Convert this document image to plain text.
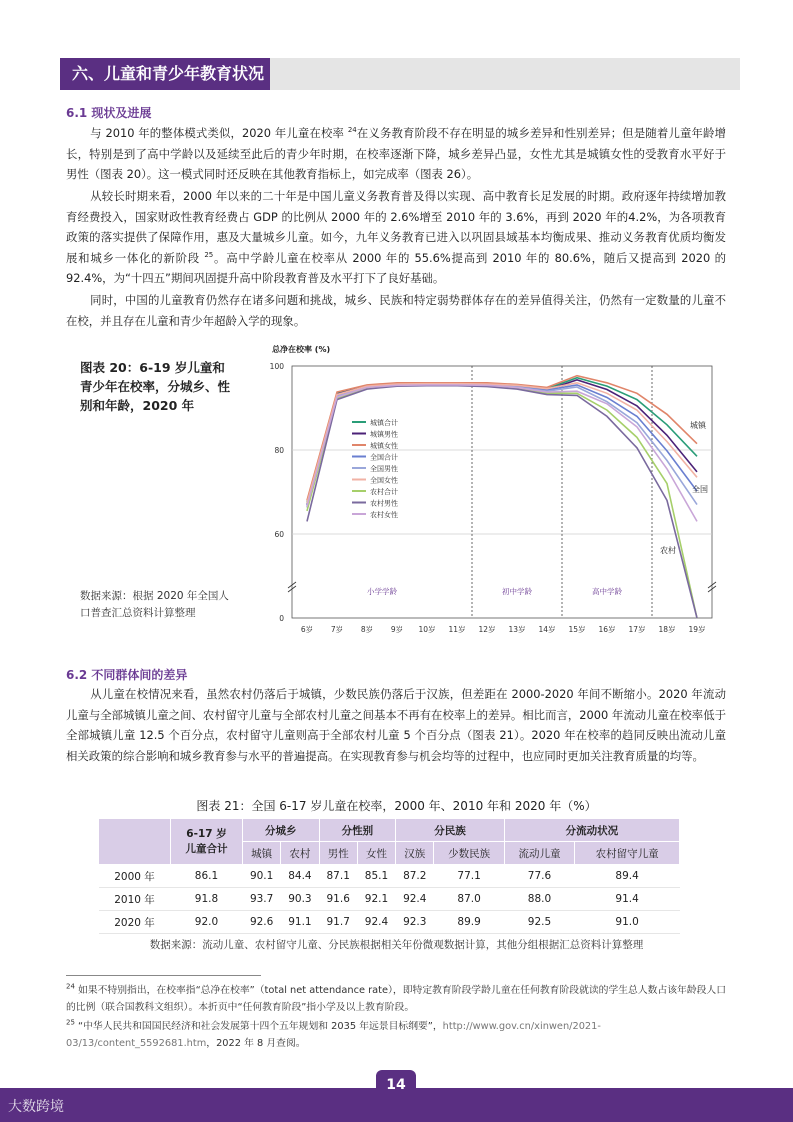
六、儿童和青少年教育状况
6.1 现状及进展
与 2010 年的整体模式类似，2020 年儿童在校率 $^{24}$在义务教育阶段不存在明显的城乡差异和性别差异；但是随着儿童年龄增长，特别是到了高中学龄以及延续至此后的青少年时期，在校率逐渐下降，城乡差异凸显，女性尤其是城镇女性的受教育水平好于男性（图表 20）。这一模式同时还反映在其他教育指标上，如完成率（图表 26）。
从较长时期来看，2000 年以来的二十年是中国儿童义务教育普及得以实现、高中教育长足发展的时期。政府逐年持续增加教育经费投入，国家财政性教育经费占 GDP 的比例从 2000 年的 2.6%增至 2010 年的 3.6%，再到 2020 年的4.2%，为各项教育政策的落实提供了保障作用，惠及大量城乡儿童。如今，九年义务教育已进入以巩固县域基本均衡成果、推动义务教育优质均衡发展和城乡一体化的新阶段 $^{25}$。高中学龄儿童在校率从 2000 年的 55.6%提高到 2010 年的 80.6%，随后又提高到 2020 的 92.4%，为“十四五”期间巩固提升高中阶段教育普及水平打下了良好基础。
同时，中国的儿童教育仍然存在诸多问题和挑战，城乡、民族和特定弱势群体存在的差异值得关注，仍然有一定数量的儿童不在校，并且存在儿童和青少年超龄入学的现象。
图表 20：6-19 岁儿童和青少年在校率，分城乡、性别和年龄，2020 年
数据来源：根据 2020 年全国人口普查汇总资料计算整理	0
60
80
100
总净在校率 (%)
小学学龄	初中学龄	高中学龄
6岁 7岁 8岁 9岁 10岁 11岁 12岁 13岁 14岁 15岁 16岁 17岁 18岁 19岁
城镇合计
城镇男性
城镇女性
全国合计
全国男性
全国女性
农村合计
农村男性
农村女性
城镇
全国
农村
6.2 不同群体间的差异
从儿童在校情况来看，虽然农村仍落后于城镇，少数民族仍落后于汉族，但差距在 2000-2020 年间不断缩小。2020 年流动儿童与全部城镇儿童之间、农村留守儿童与全部农村儿童之间基本不再有在校率上的差异。相比而言，2000 年流动儿童在校率低于全部城镇儿童 12.5 个百分点，农村留守儿童则高于全部农村儿童 5 个百分点（图表 21）。2020 年在校率的趋同反映出流动儿童相关政策的综合影响和城乡教育参与水平的普遍提高。在实现教育参与机会均等的过程中，也应同时更加关注教育质量的均等。
图表 21：全国 6-17 岁儿童在校率，2000 年、2010 年和 2020 年（%）
	6-17 岁
儿童合计	分城乡		分性别		分民族		分流动状况	
		城镇	农村	男性	女性	汉族	少数民族	流动儿童	农村留守儿童
2000 年	86.1	90.1	84.4	87.1	85.1	87.2	77.1	77.6	89.4
2010 年	91.8	93.7	90.3	91.6	92.1	92.4	87.0	88.0	91.4
2020 年	92.0	92.6	91.1	91.7	92.4	92.3	89.9	92.5	91.0
数据来源：流动儿童、农村留守儿童、分民族根据相关年份微观数据计算，其他分组根据汇总资料计算整理
$^{24}$ 如果不特别指出，在校率指“总净在校率”（total net attendance rate），即特定教育阶段学龄儿童在任何教育阶段就读的学生总人数占该年龄段人口的比例（联合国教科文组织）。本折页中“任何教育阶段”指小学及以上教育阶段。
$^{25}$ “中华人民共和国国民经济和社会发展第十四个五年规划和 2035 年远景目标纲要”，http://www.gov.cn/xinwen/2021-03/13/content_5592681.htm，2022 年 8 月查阅。
14
大数跨境
